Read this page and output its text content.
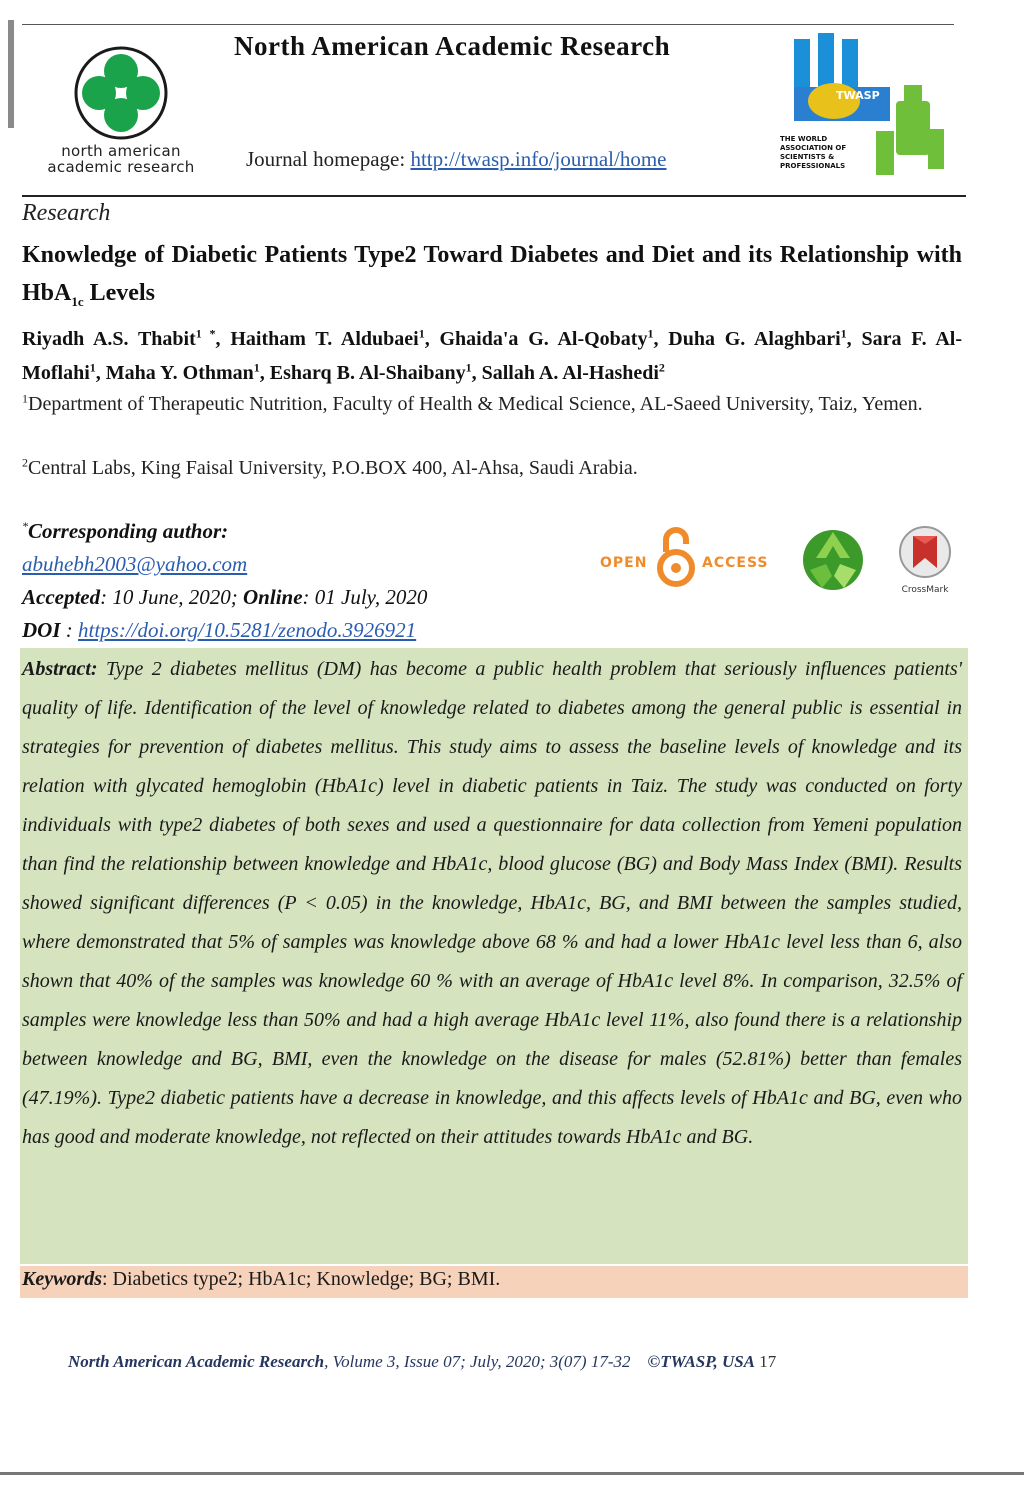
north american
academic research
North American Academic Research
Journal homepage: http://twasp.info/journal/home
TWASP
THE WORLD ASSOCIATION OF SCIENTISTS & PROFESSIONALS
Research
Knowledge of Diabetic Patients Type2 Toward Diabetes and Diet and its Relationship with HbA$_{1c}$ Levels
Riyadh A.S. Thabit$^{1 *}$, Haitham T. Aldubaei$^1$, Ghaida'a G. Al-Qobaty$^1$, Duha G. Alaghbari$^1$, Sara F. Al-Moflahi$^1$, Maha Y. Othman$^1$, Esharq B. Al-Shaibany$^1$, Sallah A. Al-Hashedi$^2$
$^1$Department of Therapeutic Nutrition, Faculty of Health & Medical Science, AL-Saeed University, Taiz, Yemen.
$^2$Central Labs, King Faisal University, P.O.BOX 400, Al-Ahsa, Saudi Arabia.
*Corresponding author:
abuhebh2003@yahoo.com
Accepted: 10 June, 2020; Online: 01 July, 2020
DOI : https://doi.org/10.5281/zenodo.3926921
OPEN	ACCESS
CrossMark
Abstract: Type 2 diabetes mellitus (DM) has become a public health problem that seriously influences patients' quality of life. Identification of the level of knowledge related to diabetes among the general public is essential in strategies for prevention of diabetes mellitus. This study aims to assess the baseline levels of knowledge and its relation with glycated hemoglobin (HbA1c) level in diabetic patients in Taiz. The study was conducted on forty individuals with type2 diabetes of both sexes and used a questionnaire for data collection from Yemeni population than find the relationship between knowledge and HbA1c, blood glucose (BG) and Body Mass Index (BMI). Results showed significant differences (P < 0.05) in the knowledge, HbA1c, BG, and BMI between the samples studied, where demonstrated that 5% of samples was knowledge above 68 % and had a lower HbA1c level less than 6, also shown that 40% of the samples was knowledge 60 % with an average of HbA1c level 8%. In comparison, 32.5% of samples were knowledge less than 50% and had a high average HbA1c level 11%, also found there is a relationship between knowledge and BG, BMI, even the knowledge on the disease for males (52.81%) better than females (47.19%). Type2 diabetic patients have a decrease in knowledge, and this affects levels of HbA1c and BG, even who has good and moderate knowledge, not reflected on their attitudes towards HbA1c and BG.
Keywords: Diabetics type2; HbA1c; Knowledge; BG; BMI.
North American Academic Research, Volume 3, Issue 07; July, 2020; 3(07) 17-32 ©TWASP, USA 17
